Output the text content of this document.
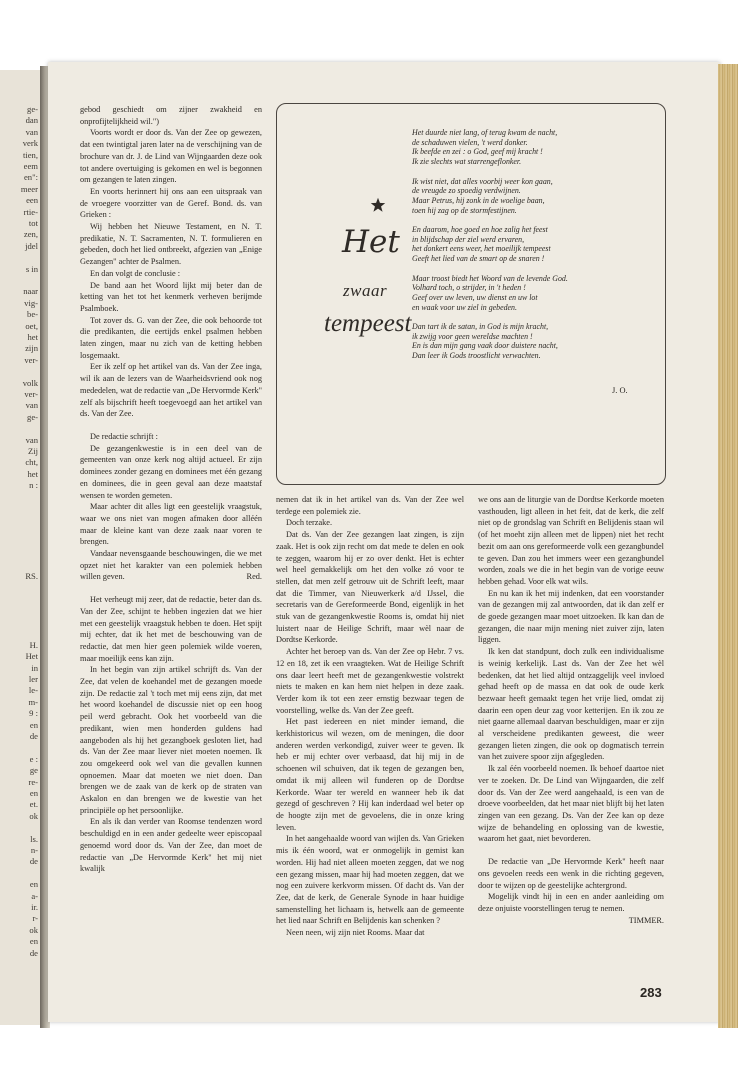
ge-
dan
van
verk
tien,
eem
en":
meer
een
rtie-
tot
zen,
jdel
s in
naar
vig-
be-
oet,
het
zijn
ver-
volk
ver-
van
ge-
van
Zij
cht,
het
n :
RS.
H.
Het
in
ler
le-
m-
9 :
en
de
e :
ge
re-
en
et.
ok
ls.
n-
de
en
a-
ir.
r-
ok
en
de

gebod geschiedt om zijner zwakheid en onprofijtelijkheid wil.")

Voorts wordt er door ds. Van der Zee op gewezen, dat een twintigtal jaren later na de verschijning van de brochure van dr. J. de Lind van Wijngaarden deze ook tot andere overtuiging is gekomen en wel is begonnen om gezangen te laten zingen.

En voorts herinnert hij ons aan een uitspraak van de vroegere voorzitter van de Geref. Bond. ds. van Grieken :

Wij hebben het Nieuwe Testament, en N. T. predikatie, N. T. Sacramenten, N. T. formulieren en gebeden, doch het lied ontbreekt, afgezien van „Enige Gezangen" achter de Psalmen.

En dan volgt de conclusie :

De band aan het Woord lijkt mij beter dan de ketting van het tot het kenmerk verheven berijmde Psalmboek.

Tot zover ds. G. van der Zee, die ook behoorde tot die predikanten, die eertijds enkel psalmen hebben laten zingen, maar nu zich van de ketting hebben losgemaakt.

Eer ik zelf op het artikel van ds. Van der Zee inga, wil ik aan de lezers van de Waarheidsvriend ook nog mededelen, wat de redactie van „De Hervormde Kerk" zelf als bijschrift heeft toegevoegd aan het artikel van ds. Van der Zee.

De redactie schrijft :

De gezangenkwestie is in een deel van de gemeenten van onze kerk nog altijd actueel. Er zijn dominees zonder gezang en dominees met één gezang en dominees, die in geen geval aan deze maatstaf wensen te worden gemeten.

Maar achter dit alles ligt een geestelijk vraagstuk, waar we ons niet van mogen afmaken door alléén maar de kleine kant van deze zaak naar voren te brengen.

Vandaar nevensgaande beschouwingen, die we met opzet niet het karakter van een polemiek hebben willen geven.	Red.

Het verheugt mij zeer, dat de redactie, beter dan ds. Van der Zee, schijnt te hebben ingezien dat we hier met een geestelijk vraagstuk hebben te doen. Het spijt mij echter, dat ik het met de beschouwing van de redactie, dat men hier geen polemiek wilde voeren, maar moeilijk eens kan zijn.

In het begin van zijn artikel schrijft ds. Van der Zee, dat velen de koehandel met de gezangen moede zijn. De redactie zal 't toch met mij eens zijn, dat met het woord koehandel de discussie niet op een hoog peil werd gebracht. Ook het voorbeeld van die predikant, wien men honderden guldens had aangeboden als hij het gezangboek gesloten liet, had ds. Van der Zee maar liever niet moeten noemen. Ik zou omgekeerd ook wel van die gevallen kunnen opnoemen. Maar dat moeten we niet doen. Dan brengen we de zaak van de kerk op de straten van Askalon en dan brengen we de kwestie van het principiële op het persoonlijke.

En als ik dan verder van Roomse tendenzen word beschuldigd en in een ander gedeelte weer episcopaal genoemd word door ds. Van der Zee, dan moet de redactie van „De Hervormde Kerk" het mij niet kwalijk

Het
zwaar
tempeest
Het duurde niet lang, of terug kwam de nacht,
de schaduwen vielen, 't werd donker.
Ik beefde en zei : o God, geef mij kracht !
Ik zie slechts wat starrengeflonker.
Ik wist niet, dat alles voorbij weer kon gaan,
de vreugde zo spoedig verdwijnen.
Maar Petrus, hij zonk in de woelige baan,
toen hij zag op de stormfestijnen.
En daarom, hoe goed en hoe zalig het feest
in blijdschap der ziel werd ervaren,
het donkert eens weer, het moeilijk tempeest
Geeft het lied van de smart op de snaren !
Maar troost biedt het Woord van de levende God.
Volhard toch, o strijder, in 't heden !
Geef over uw leven, uw dienst en uw lot
en waak voor uw ziel in gebeden.
Dan tart ik de satan, in God is mijn kracht,
ik zwijg voor geen wereldse machten !
En is dan mijn gang vaak door duistere nacht,
Dan leer ik Gods troostlicht verwachten.
J. O.

nemen dat ik in het artikel van ds. Van der Zee wel terdege een polemiek zie.

Doch terzake.

Dat ds. Van der Zee gezangen laat zingen, is zijn zaak. Het is ook zijn recht om dat mede te delen en ook te zeggen, waarom hij er zo over denkt. Het is echter wel heel gemakkelijk om het den volke zó voor te stellen, dat men zelf getrouw uit de Schrift leeft, maar dat die Timmer, van Nieuwerkerk a/d IJssel, die secretaris van de Gereformeerde Bond, eigenlijk in het stuk van de gezangenkwestie Rooms is, omdat hij niet luistert naar de Heilige Schrift, maar wèl naar de Dordtse Kerkorde.

Achter het beroep van ds. Van der Zee op Hebr. 7 vs. 12 en 18, zet ik een vraagteken. Wat de Heilige Schrift ons daar leert heeft met de gezangenkwestie volstrekt niets te maken en kan hem niet helpen in deze zaak. Verder kom ik tot een zeer ernstig bezwaar tegen de voorstelling, welke ds. Van der Zee geeft.

Het past iedereen en niet minder iemand, die kerkhistoricus wil wezen, om de meningen, die door anderen werden verkondigd, zuiver weer te geven. Ik heb er mij echter over verbaasd, dat hij mij in de schoenen wil schuiven, dat ik tegen de gezangen ben, omdat ik mij alleen wil funderen op de Dordtse Kerkorde. Waar ter wereld en wanneer heb ik dat gezegd of geschreven ? Hij kan inderdaad wel beter op de hoogte zijn met de gevoelens, die in onze kring leven.

In het aangehaalde woord van wijlen ds. Van Grieken mis ik één woord, wat er onmogelijk in gemist kan worden. Hij had niet alleen moeten zeggen, dat we nog een gezang missen, maar hij had moeten zeggen, dat we nog een zuivere kerkvorm missen. Of dacht ds. Van der Zee, dat de kerk, de Generale Synode in haar huidige samenstelling het lichaam is, hetwelk aan de gemeente het lied naar Schrift en Belijdenis kan schenken ?

Neen neen, wij zijn niet Rooms. Maar dat

we ons aan de liturgie van de Dordtse Kerkorde moeten vasthouden, ligt alleen in het feit, dat de kerk, die zelf niet op de grondslag van Schrift en Belijdenis staan wil (of het moeht zijn alleen met de lippen) niet het recht bezit om aan ons gereformeerde volk een gezangbundel te geven. Dan zou het immers weer een gezangbundel worden, zoals we die in het begin van de vorige eeuw hebben gehad. Voor elk wat wils.

En nu kan ik het mij indenken, dat een voorstander van de gezangen mij zal antwoorden, dat ik dan zelf er de goede gezangen maar moet uitzoeken. Ik kan dan de gezangen, die naar mijn mening niet zuiver zijn, laten liggen.

Ik ken dat standpunt, doch zulk een individualisme is weinig kerkelijk. Last ds. Van der Zee het wèl bedenken, dat het lied altijd ontzaggelijk veel invloed gehad heeft op de massa en dat ook de oude kerk bezwaar heeft gemaakt tegen het vrije lied, omdat zij daarin een open deur zag voor ketterijen. En ik zou ze niet gaarne allemaal daarvan beschuldigen, maar er zijn al verscheidene predikanten geweest, die weer gezangen lieten zingen, die ook op dogmatisch terrein van het zuivere spoor zijn afgegleden.

Ik zal één voorbeeld noemen. Ik behoef daartoe niet ver te zoeken. Dr. De Lind van Wijngaarden, die zelf door ds. Van der Zee werd aangehaald, is een van de droeve voorbeelden, dat het maar niet blijft bij het laten zingen van een gezang. Ds. Van der Zee kan op deze wijze de behandeling en oplossing van de kwestie, waarom het gaat, niet bevorderen.

De redactie van „De Hervormde Kerk" heeft naar ons gevoelen reeds een wenk in die richting gegeven, door te wijzen op de geestelijke achtergrond.

Mogelijk vindt hij in een en ander aanleiding om deze onjuiste voorstellingen terug te nemen.
TIMMER.

283
